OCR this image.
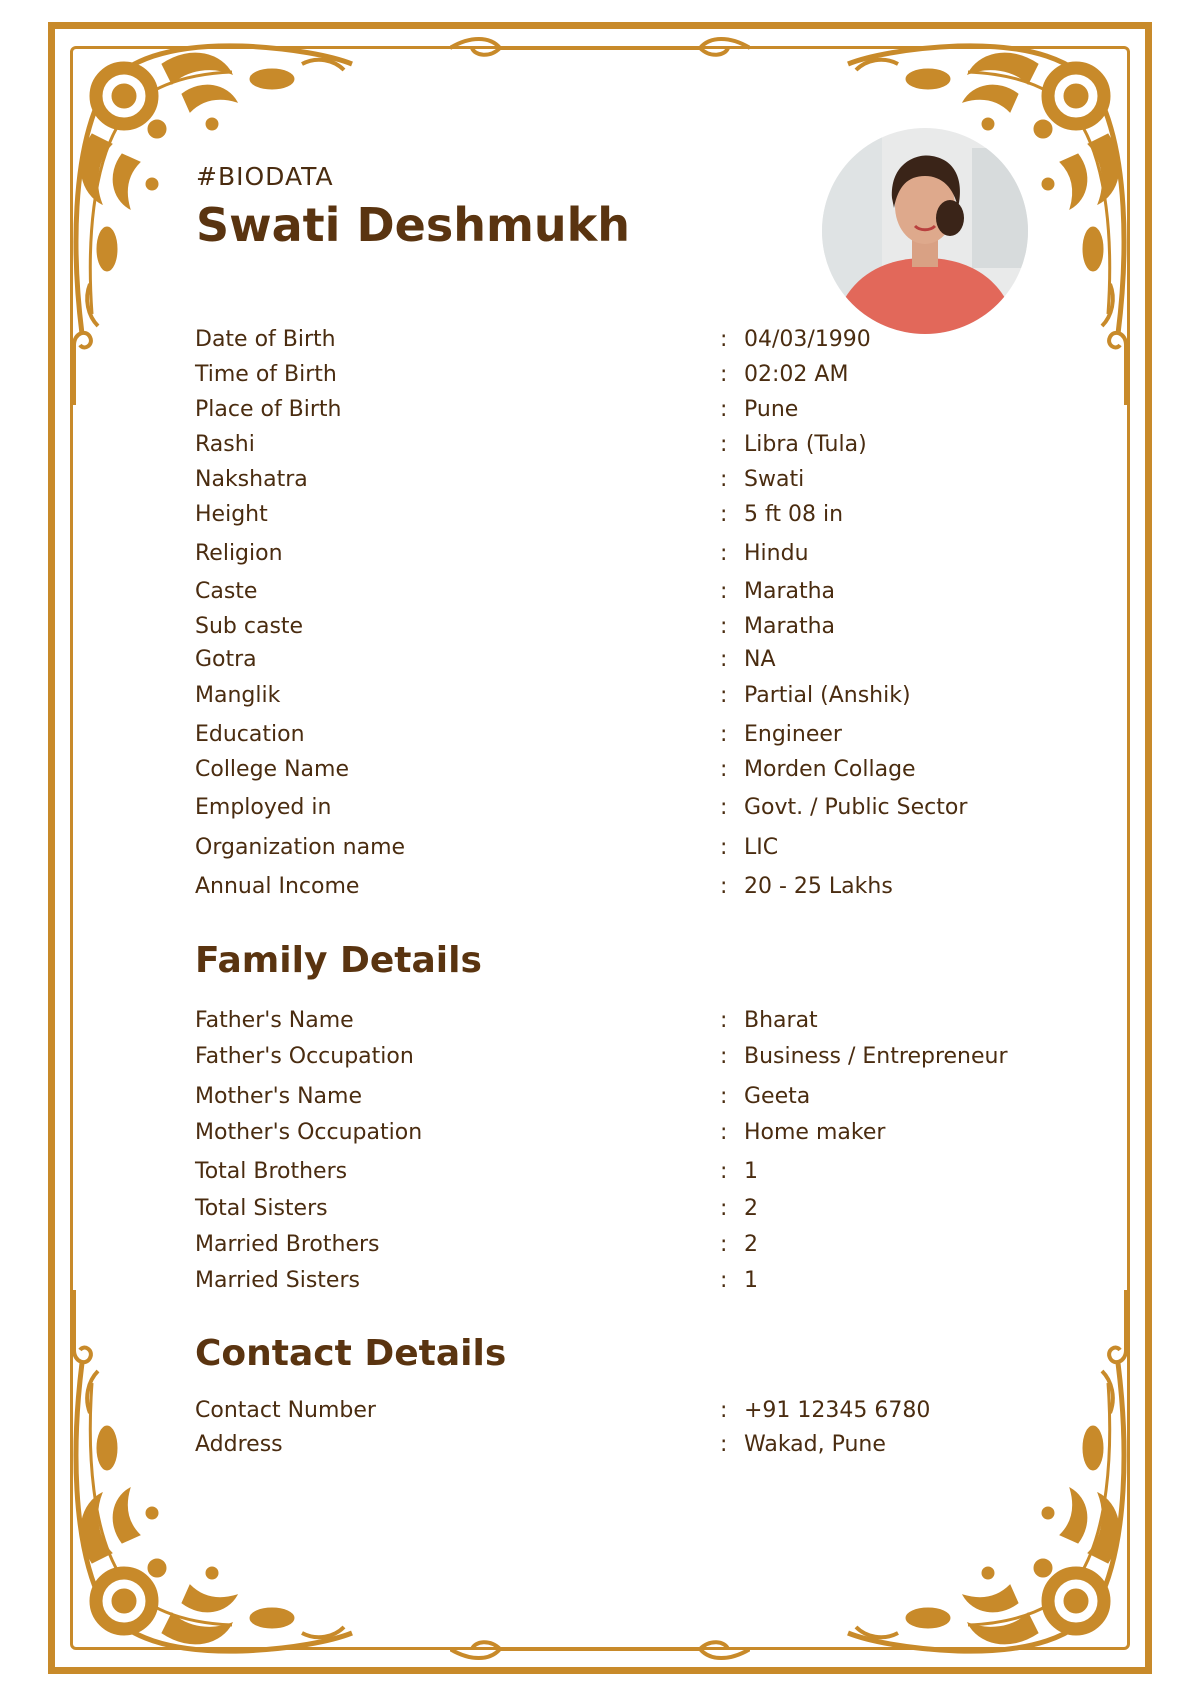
#BIODATA
Swati Deshmukh
Date of Birth	: 04/03/1990
Time of Birth	: 02:02 AM
Place of Birth	: Pune
Rashi	: Libra (Tula)
Nakshatra	: Swati
Height	: 5 ft 08 in
Religion	: Hindu
Caste	: Maratha
Sub caste	: Maratha
Gotra	: NA
Manglik	: Partial (Anshik)
Education	: Engineer
College Name	: Morden Collage
Employed in	: Govt. / Public Sector
Organization name	: LIC
Annual Income	: 20 - 25 Lakhs
Family Details
Father's Name	: Bharat
Father's Occupation	: Business / Entrepreneur
Mother's Name	: Geeta
Mother's Occupation	: Home maker
Total Brothers	: 1
Total Sisters	: 2
Married Brothers	: 2
Married Sisters	: 1
Contact Details
Contact Number	: +91 12345 6780
Address	: Wakad, Pune
